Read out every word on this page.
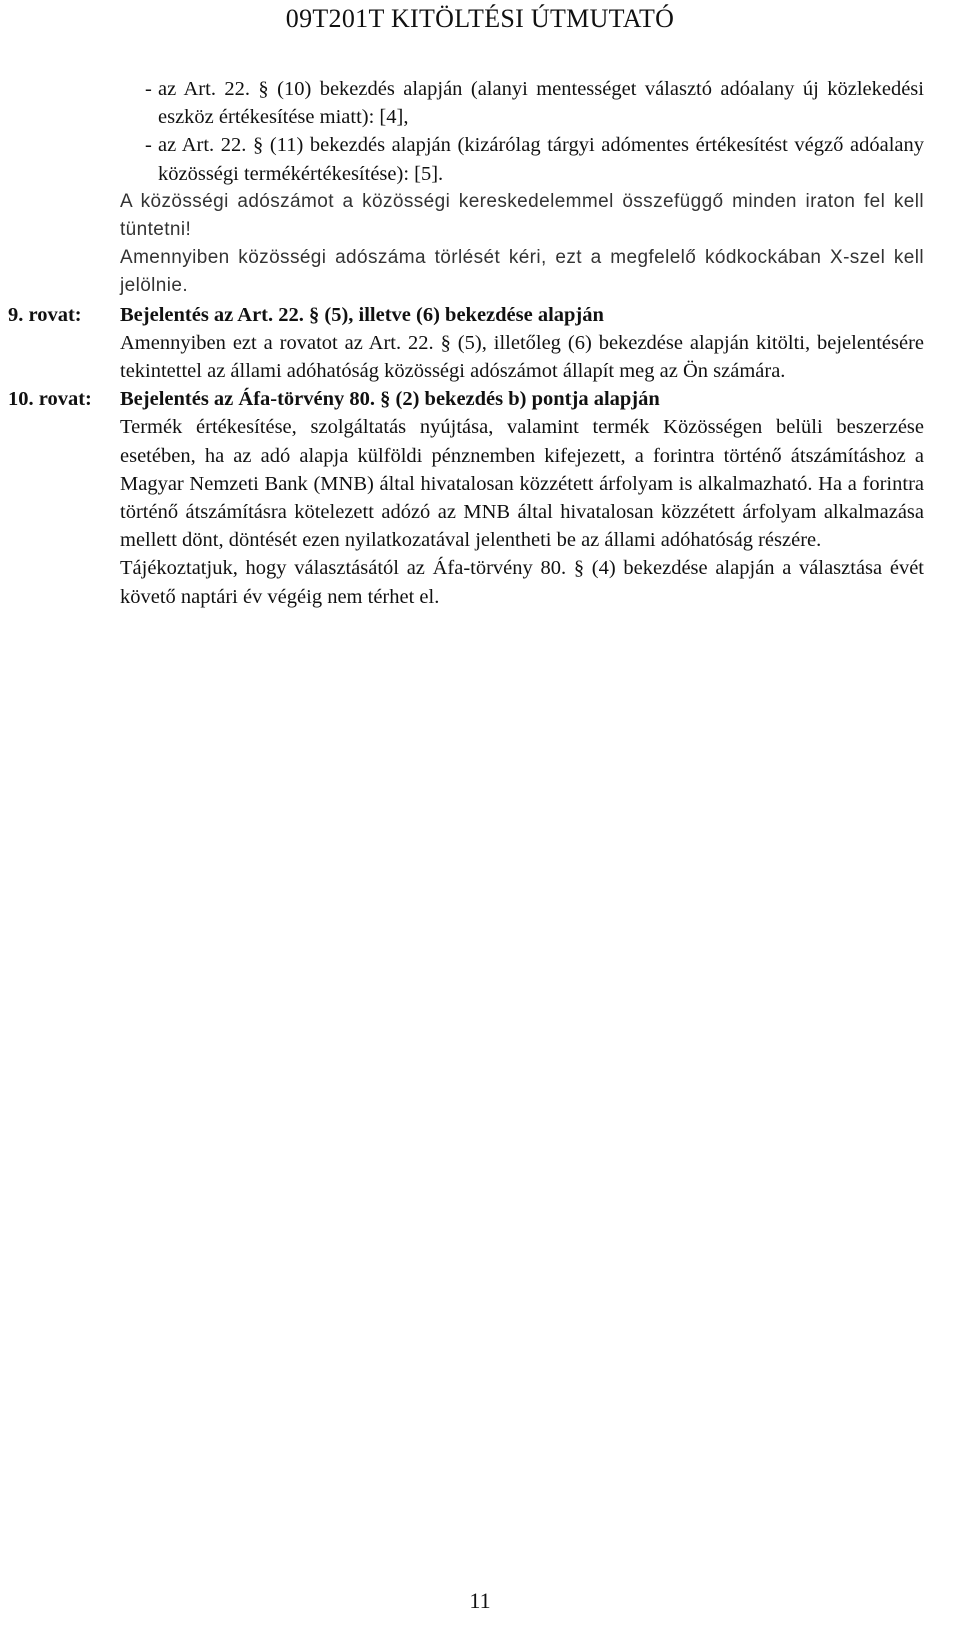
09T201T KITÖLTÉSI ÚTMUTATÓ
- az Art. 22. § (10) bekezdés alapján (alanyi mentességet választó adóalany új közlekedési eszköz értékesítése miatt): [4],
- az Art. 22. § (11) bekezdés alapján (kizárólag tárgyi adómentes értékesítést végző adóalany közösségi termékértékesítése): [5].
A közösségi adószámot a közösségi kereskedelemmel összefüggő minden iraton fel kell tüntetni!
Amennyiben közösségi adószáma törlését kéri, ezt a megfelelő kódkockában X-szel kell jelölnie.
9. rovat: Bejelentés az Art. 22. § (5), illetve (6) bekezdése alapján
Amennyiben ezt a rovatot az Art. 22. § (5), illetőleg (6) bekezdése alapján kitölti, bejelentésére tekintettel az állami adóhatóság közösségi adószámot állapít meg az Ön számára.
10. rovat: Bejelentés az Áfa-törvény 80. § (2) bekezdés b) pontja alapján
Termék értékesítése, szolgáltatás nyújtása, valamint termék Közösségen belüli beszerzése esetében, ha az adó alapja külföldi pénznemben kifejezett, a forintra történő átszámításhoz a Magyar Nemzeti Bank (MNB) által hivatalosan közzétett árfolyam is alkalmazható. Ha a forintra történő átszámításra kötelezett adózó az MNB által hivatalosan közzétett árfolyam alkalmazása mellett dönt, döntését ezen nyilatkozatával jelentheti be az állami adóhatóság részére.
Tájékoztatjuk, hogy választásától az Áfa-törvény 80. § (4) bekezdése alapján a választása évét követő naptári év végéig nem térhet el.
11
